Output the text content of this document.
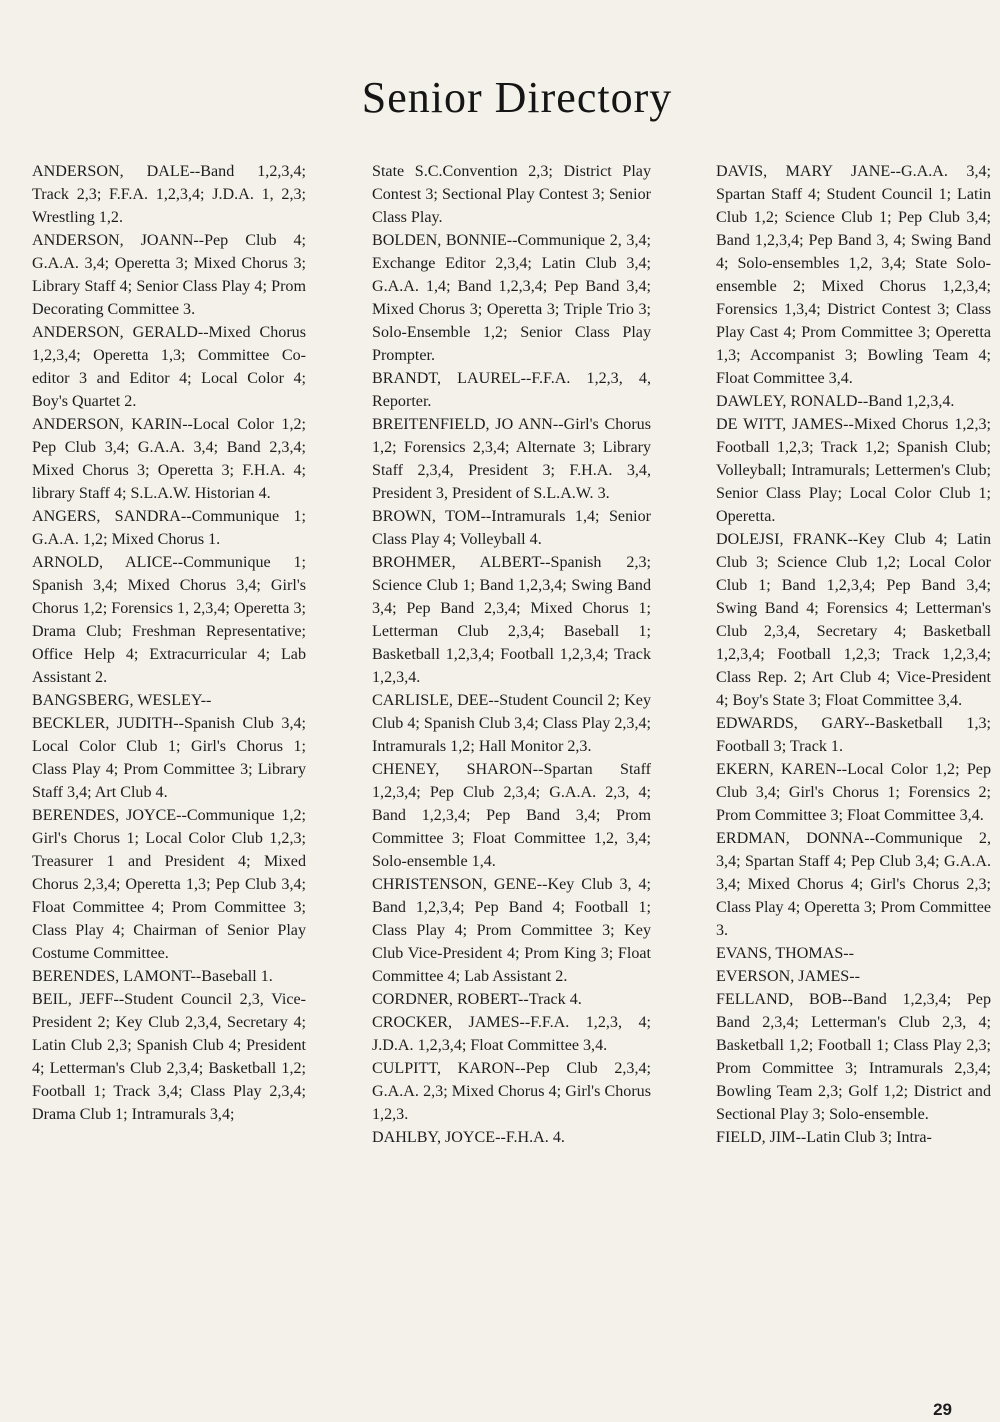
Senior Directory

ANDERSON, DALE--Band 1,2,3,4; Track 2,3; F.F.A. 1,2,3,4; J.D.A. 1, 2,3; Wrestling 1,2.

ANDERSON, JOANN--Pep Club 4; G.A.A. 3,4; Operetta 3; Mixed Chorus 3; Library Staff 4; Senior Class Play 4; Prom Decorating Committee 3.

ANDERSON, GERALD--Mixed Chorus 1,2,3,4; Operetta 1,3; Committee Co-editor 3 and Editor 4; Local Color 4; Boy's Quartet 2.

ANDERSON, KARIN--Local Color 1,2; Pep Club 3,4; G.A.A. 3,4; Band 2,3,4; Mixed Chorus 3; Operetta 3; F.H.A. 4; library Staff 4; S.L.A.W. Historian 4.

ANGERS, SANDRA--Communique 1; G.A.A. 1,2; Mixed Chorus 1.

ARNOLD, ALICE--Communique 1; Spanish 3,4; Mixed Chorus 3,4; Girl's Chorus 1,2; Forensics 1, 2,3,4; Operetta 3; Drama Club; Freshman Representative; Office Help 4; Extracurricular 4; Lab Assistant 2.

BANGSBERG, WESLEY--

BECKLER, JUDITH--Spanish Club 3,4; Local Color Club 1; Girl's Chorus 1; Class Play 4; Prom Committee 3; Library Staff 3,4; Art Club 4.

BERENDES, JOYCE--Communique 1,2; Girl's Chorus 1; Local Color Club 1,2,3; Treasurer 1 and President 4; Mixed Chorus 2,3,4; Operetta 1,3; Pep Club 3,4; Float Committee 4; Prom Committee 3; Class Play 4; Chairman of Senior Play Costume Committee.

BERENDES, LAMONT--Baseball 1.

BEIL, JEFF--Student Council 2,3, Vice-President 2; Key Club 2,3,4, Secretary 4; Latin Club 2,3; Spanish Club 4; President 4; Letterman's Club 2,3,4; Basketball 1,2; Football 1; Track 3,4; Class Play 2,3,4; Drama Club 1; Intramurals 3,4;

State S.C.Convention 2,3; District Play Contest 3; Sectional Play Contest 3; Senior Class Play.

BOLDEN, BONNIE--Communique 2, 3,4; Exchange Editor 2,3,4; Latin Club 3,4; G.A.A. 1,4; Band 1,2,3,4; Pep Band 3,4; Mixed Chorus 3; Operetta 3; Triple Trio 3; Solo-Ensemble 1,2; Senior Class Play Prompter.

BRANDT, LAUREL--F.F.A. 1,2,3, 4, Reporter.

BREITENFIELD, JO ANN--Girl's Chorus 1,2; Forensics 2,3,4; Alternate 3; Library Staff 2,3,4, President 3; F.H.A. 3,4, President 3, President of S.L.A.W. 3.

BROWN, TOM--Intramurals 1,4; Senior Class Play 4; Volleyball 4.

BROHMER, ALBERT--Spanish 2,3; Science Club 1; Band 1,2,3,4; Swing Band 3,4; Pep Band 2,3,4; Mixed Chorus 1; Letterman Club 2,3,4; Baseball 1; Basketball 1,2,3,4; Football 1,2,3,4; Track 1,2,3,4.

CARLISLE, DEE--Student Council 2; Key Club 4; Spanish Club 3,4; Class Play 2,3,4; Intramurals 1,2; Hall Monitor 2,3.

CHENEY, SHARON--Spartan Staff 1,2,3,4; Pep Club 2,3,4; G.A.A. 2,3, 4; Band 1,2,3,4; Pep Band 3,4; Prom Committee 3; Float Committee 1,2, 3,4; Solo-ensemble 1,4.

CHRISTENSON, GENE--Key Club 3, 4; Band 1,2,3,4; Pep Band 4; Football 1; Class Play 4; Prom Committee 3; Key Club Vice-President 4; Prom King 3; Float Committee 4; Lab Assistant 2.

CORDNER, ROBERT--Track 4.

CROCKER, JAMES--F.F.A. 1,2,3, 4; J.D.A. 1,2,3,4; Float Committee 3,4.

CULPITT, KARON--Pep Club 2,3,4; G.A.A. 2,3; Mixed Chorus 4; Girl's Chorus 1,2,3.

DAHLBY, JOYCE--F.H.A. 4.

DAVIS, MARY JANE--G.A.A. 3,4; Spartan Staff 4; Student Council 1; Latin Club 1,2; Science Club 1; Pep Club 3,4; Band 1,2,3,4; Pep Band 3, 4; Swing Band 4; Solo-ensembles 1,2, 3,4; State Solo-ensemble 2; Mixed Chorus 1,2,3,4; Forensics 1,3,4; District Contest 3; Class Play Cast 4; Prom Committee 3; Operetta 1,3; Accompanist 3; Bowling Team 4; Float Committee 3,4.

DAWLEY, RONALD--Band 1,2,3,4.

DE WITT, JAMES--Mixed Chorus 1,2,3; Football 1,2,3; Track 1,2; Spanish Club; Volleyball; Intramurals; Lettermen's Club; Senior Class Play; Local Color Club 1; Operetta.

DOLEJSI, FRANK--Key Club 4; Latin Club 3; Science Club 1,2; Local Color Club 1; Band 1,2,3,4; Pep Band 3,4; Swing Band 4; Forensics 4; Letterman's Club 2,3,4, Secretary 4; Basketball 1,2,3,4; Football 1,2,3; Track 1,2,3,4; Class Rep. 2; Art Club 4; Vice-President 4; Boy's State 3; Float Committee 3,4.

EDWARDS, GARY--Basketball 1,3; Football 3; Track 1.

EKERN, KAREN--Local Color 1,2; Pep Club 3,4; Girl's Chorus 1; Forensics 2; Prom Committee 3; Float Committee 3,4.

ERDMAN, DONNA--Communique 2, 3,4; Spartan Staff 4; Pep Club 3,4; G.A.A. 3,4; Mixed Chorus 4; Girl's Chorus 2,3; Class Play 4; Operetta 3; Prom Committee 3.

EVANS, THOMAS--

EVERSON, JAMES--

FELLAND, BOB--Band 1,2,3,4; Pep Band 2,3,4; Letterman's Club 2,3, 4; Basketball 1,2; Football 1; Class Play 2,3; Prom Committee 3; Intramurals 2,3,4; Bowling Team 2,3; Golf 1,2; District and Sectional Play 3; Solo-ensemble.

FIELD, JIM--Latin Club 3; Intra-

29
